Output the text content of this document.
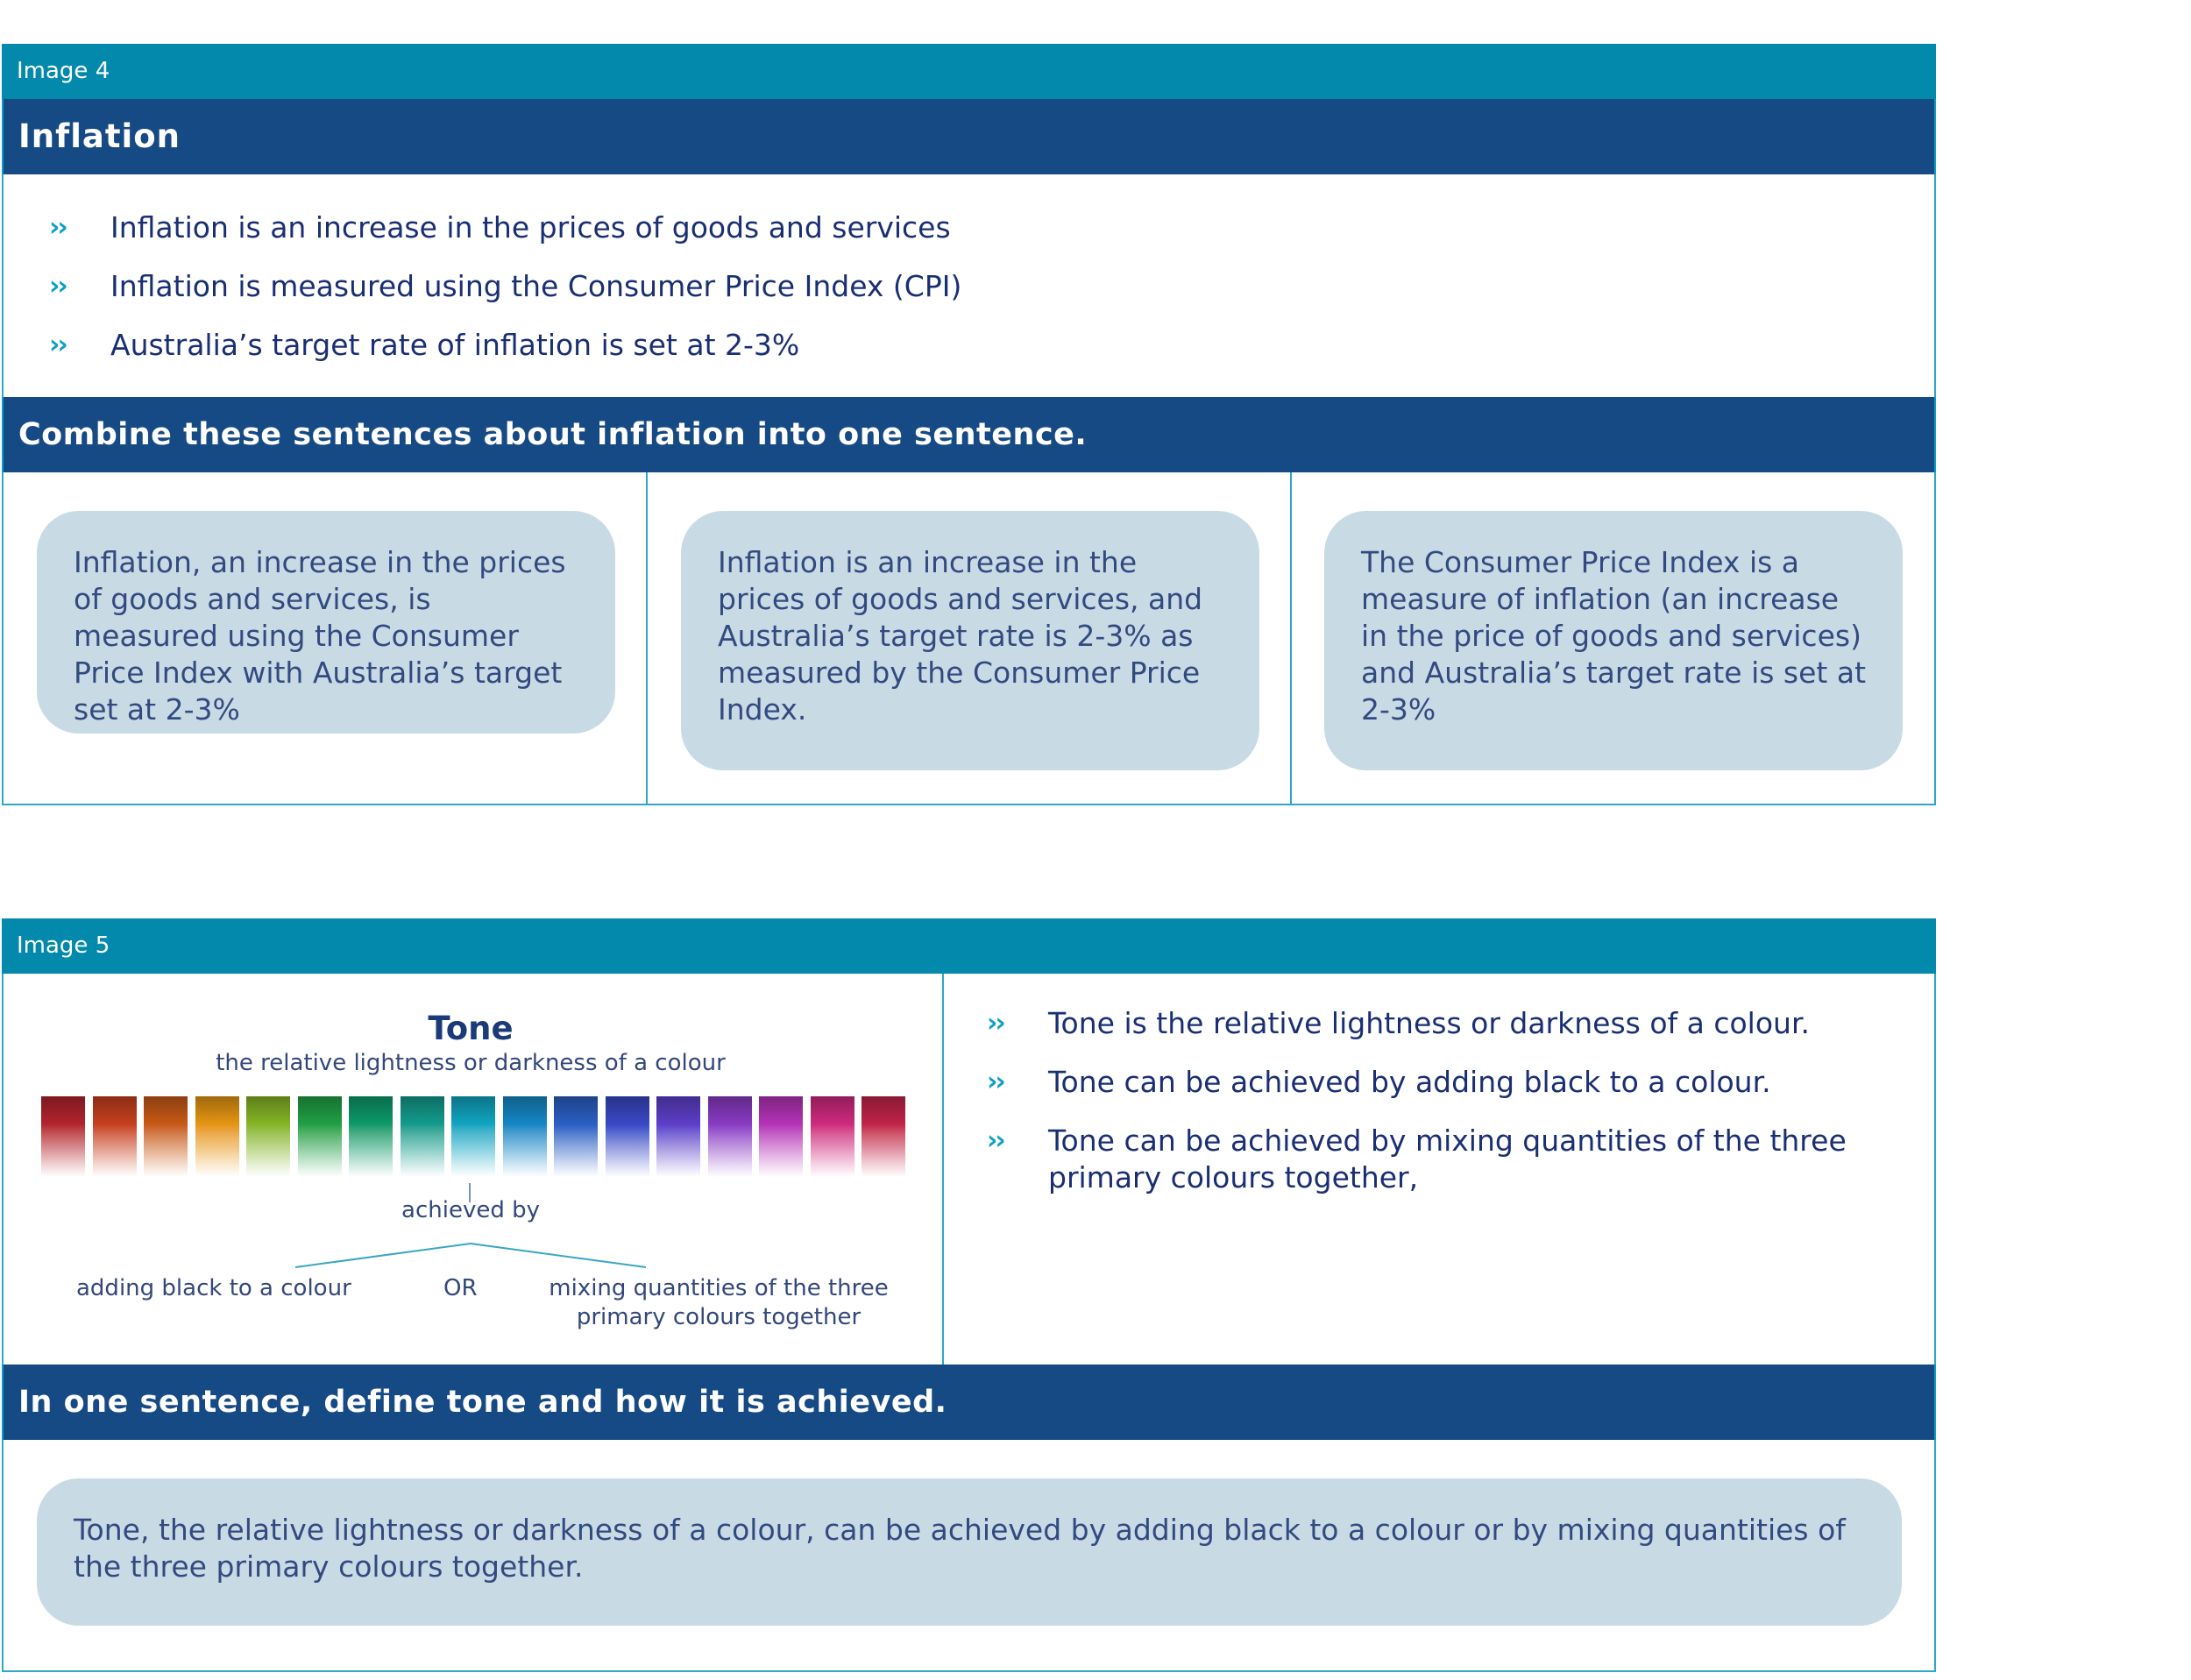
Image 4
Inflation
›› Inflation is an increase in the prices of goods and services
›› Inflation is measured using the Consumer Price Index (CPI)
›› Australia’s target rate of inflation is set at 2-3%
Combine these sentences about inflation into one sentence.
Inflation, an increase in the prices of goods and services, is measured using the Consumer Price Index with Australia’s target set at 2-3%
Inflation is an increase in the prices of goods and services, and Australia’s target rate is 2-3% as measured by the Consumer Price Index.
The Consumer Price Index is a measure of inflation (an increase in the price of goods and services) and Australia’s target rate is set at 2-3%
Image 5
›› Tone is the relative lightness or darkness of a colour.
›› Tone can be achieved by adding black to a colour.
›› Tone can be achieved by mixing quantities of the three primary colours together,
In one sentence, define tone and how it is achieved.
Tone, the relative lightness or darkness of a colour, can be achieved by adding black to a colour or by mixing quantities of the three primary colours together.
Tone
the relative lightness or darkness of a colour
achieved by
adding black to a colour	OR	mixing quantities of the three
primary colours together
